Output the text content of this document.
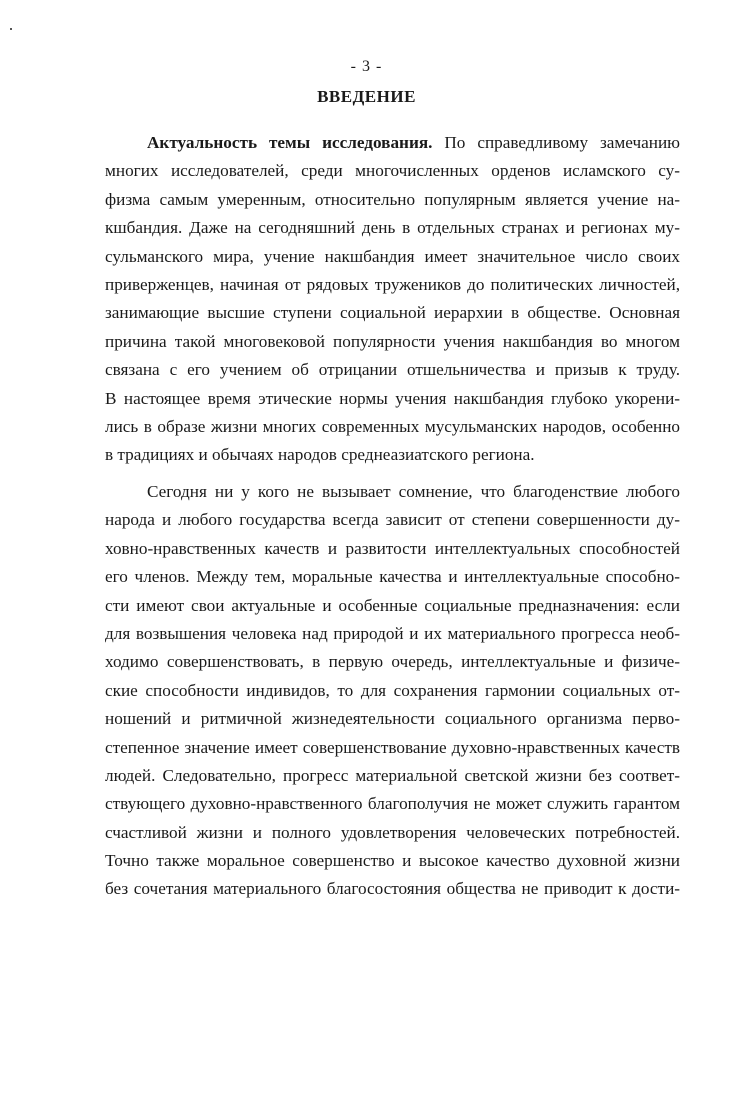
- 3 -
ВВЕДЕНИЕ
Актуальность темы исследования. По справедливому замечанию
многих исследователей, среди многочисленных орденов исламского су-
физма самым умеренным, относительно популярным является учение на-
кшбандия. Даже на сегодняшний день в отдельных странах и регионах му-
сульманского мира, учение накшбандия имеет значительное число своих
приверженцев, начиная от рядовых тружеников до политических личностей,
занимающие высшие ступени социальной иерархии в обществе. Основная
причина такой многовековой популярности учения накшбандия во многом
связана с его учением об отрицании отшельничества и призыв к труду.
В настоящее время этические нормы учения накшбандия глубоко укорени-
лись в образе жизни многих современных мусульманских народов, особенно
в традициях и обычаях народов среднеазиатского региона.
Сегодня ни у кого не вызывает сомнение, что благоденствие любого
народа и любого государства всегда зависит от степени совершенности ду-
ховно-нравственных качеств и развитости интеллектуальных способностей
его членов. Между тем, моральные качества и интеллектуальные способно-
сти имеют свои актуальные и особенные социальные предназначения: если
для возвышения человека над природой и их материального прогресса необ-
ходимо совершенствовать, в первую очередь, интеллектуальные и физиче-
ские способности индивидов, то для сохранения гармонии социальных от-
ношений и ритмичной жизнедеятельности социального организма перво-
степенное значение имеет совершенствование духовно-нравственных качеств
людей. Следовательно, прогресс материальной светской жизни без соответ-
ствующего духовно-нравственного благополучия не может служить гарантом
счастливой жизни и полного удовлетворения человеческих потребностей.
Точно также моральное совершенство и высокое качество духовной жизни
без сочетания материального благосостояния общества не приводит к дости-
